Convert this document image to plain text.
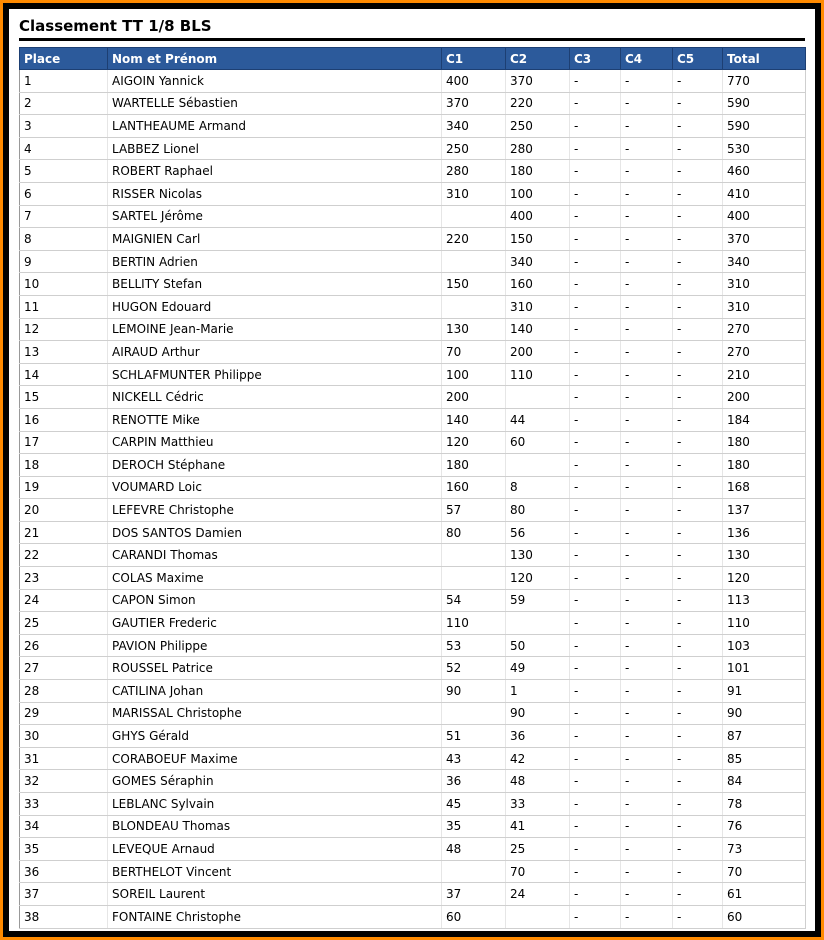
Classement TT 1/8 BLS
Place	Nom et Prénom	C1	C2	C3	C4	C5	Total
1	AIGOIN Yannick	400	370	-	-	-	770
2	WARTELLE Sébastien	370	220	-	-	-	590
3	LANTHEAUME Armand	340	250	-	-	-	590
4	LABBEZ Lionel	250	280	-	-	-	530
5	ROBERT Raphael	280	180	-	-	-	460
6	RISSER Nicolas	310	100	-	-	-	410
7	SARTEL Jérôme		400	-	-	-	400
8	MAIGNIEN Carl	220	150	-	-	-	370
9	BERTIN Adrien		340	-	-	-	340
10	BELLITY Stefan	150	160	-	-	-	310
11	HUGON Edouard		310	-	-	-	310
12	LEMOINE Jean-Marie	130	140	-	-	-	270
13	AIRAUD Arthur	70	200	-	-	-	270
14	SCHLAFMUNTER Philippe	100	110	-	-	-	210
15	NICKELL Cédric	200		-	-	-	200
16	RENOTTE Mike	140	44	-	-	-	184
17	CARPIN Matthieu	120	60	-	-	-	180
18	DEROCH Stéphane	180		-	-	-	180
19	VOUMARD Loic	160	8	-	-	-	168
20	LEFEVRE Christophe	57	80	-	-	-	137
21	DOS SANTOS Damien	80	56	-	-	-	136
22	CARANDI Thomas		130	-	-	-	130
23	COLAS Maxime		120	-	-	-	120
24	CAPON Simon	54	59	-	-	-	113
25	GAUTIER Frederic	110		-	-	-	110
26	PAVION Philippe	53	50	-	-	-	103
27	ROUSSEL Patrice	52	49	-	-	-	101
28	CATILINA Johan	90	1	-	-	-	91
29	MARISSAL Christophe		90	-	-	-	90
30	GHYS Gérald	51	36	-	-	-	87
31	CORABOEUF Maxime	43	42	-	-	-	85
32	GOMES Séraphin	36	48	-	-	-	84
33	LEBLANC Sylvain	45	33	-	-	-	78
34	BLONDEAU Thomas	35	41	-	-	-	76
35	LEVEQUE Arnaud	48	25	-	-	-	73
36	BERTHELOT Vincent		70	-	-	-	70
37	SOREIL Laurent	37	24	-	-	-	61
38	FONTAINE Christophe	60		-	-	-	60
